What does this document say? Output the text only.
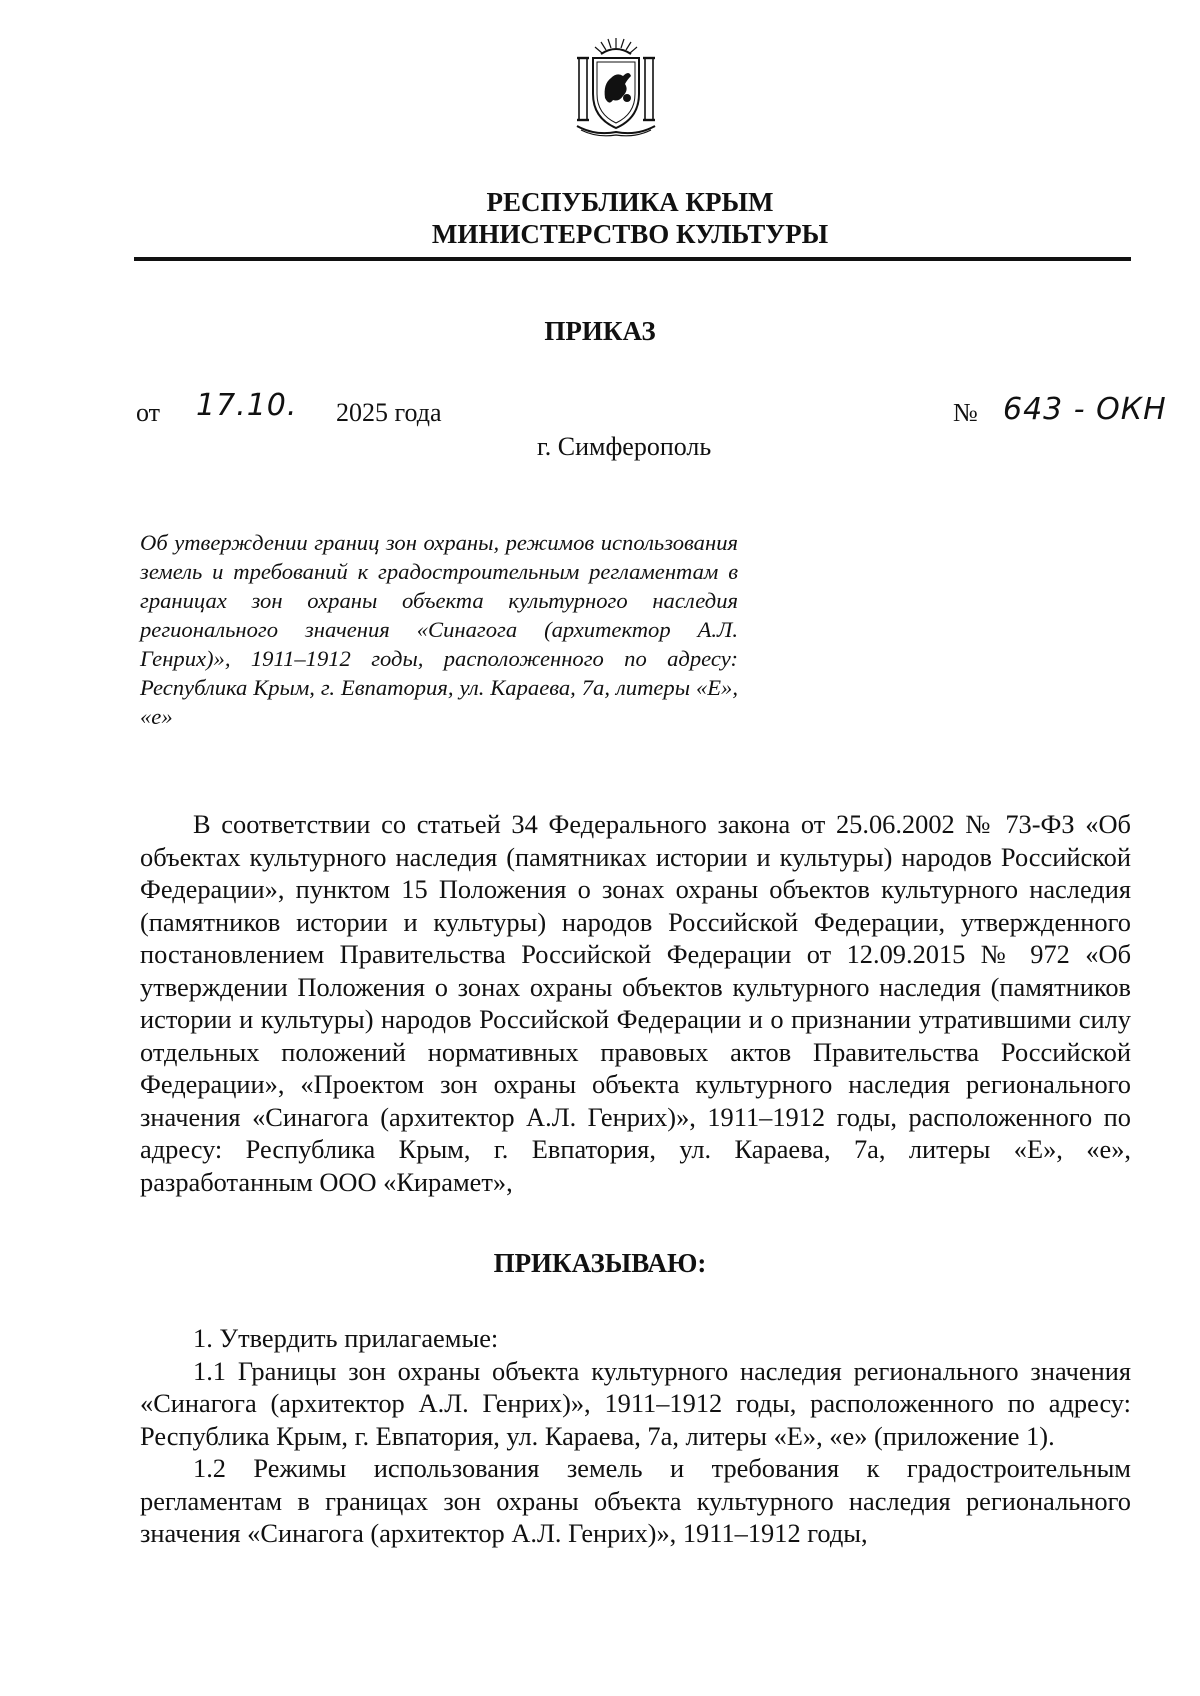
РЕСПУБЛИКА КРЫМ
МИНИСТЕРСТВО КУЛЬТУРЫ
ПРИКАЗ
от 17.10. 2025 года	№ 643 - ОКН
г. Симферополь
Об утверждении границ зон охраны, режимов использования земель и требований к градостроительным регламентам в границах зон охраны объекта культурного наследия регионального значения «Синагога (архитектор А.Л. Генрих)», 1911–1912 годы, расположенного по адресу: Республика Крым, г. Евпатория, ул. Караева, 7а, литеры «Е», «е»

В соответствии со статьей 34 Федерального закона от 25.06.2002 № 73-ФЗ «Об объектах культурного наследия (памятниках истории и культуры) народов Российской Федерации», пунктом 15 Положения о зонах охраны объектов культурного наследия (памятников истории и культуры) народов Российской Федерации, утвержденного постановлением Правительства Российской Федерации от 12.09.2015 № 972 «Об утверждении Положения о зонах охраны объектов культурного наследия (памятников истории и культуры) народов Российской Федерации и о признании утратившими силу отдельных положений нормативных правовых актов Правительства Российской Федерации», «Проектом зон охраны объекта культурного наследия регионального значения «Синагога (архитектор А.Л. Генрих)», 1911–1912 годы, расположенного по адресу: Республика Крым, г. Евпатория, ул. Караева, 7а, литеры «Е», «е», разработанным ООО «Кирамет»,

ПРИКАЗЫВАЮ:

1. Утвердить прилагаемые:

1.1 Границы зон охраны объекта культурного наследия регионального значения «Синагога (архитектор А.Л. Генрих)», 1911–1912 годы, расположенного по адресу: Республика Крым, г. Евпатория, ул. Караева, 7а, литеры «Е», «е» (приложение 1).

1.2 Режимы использования земель и требования к градостроительным регламентам в границах зон охраны объекта культурного наследия регионального значения «Синагога (архитектор А.Л. Генрих)», 1911–1912 годы,
